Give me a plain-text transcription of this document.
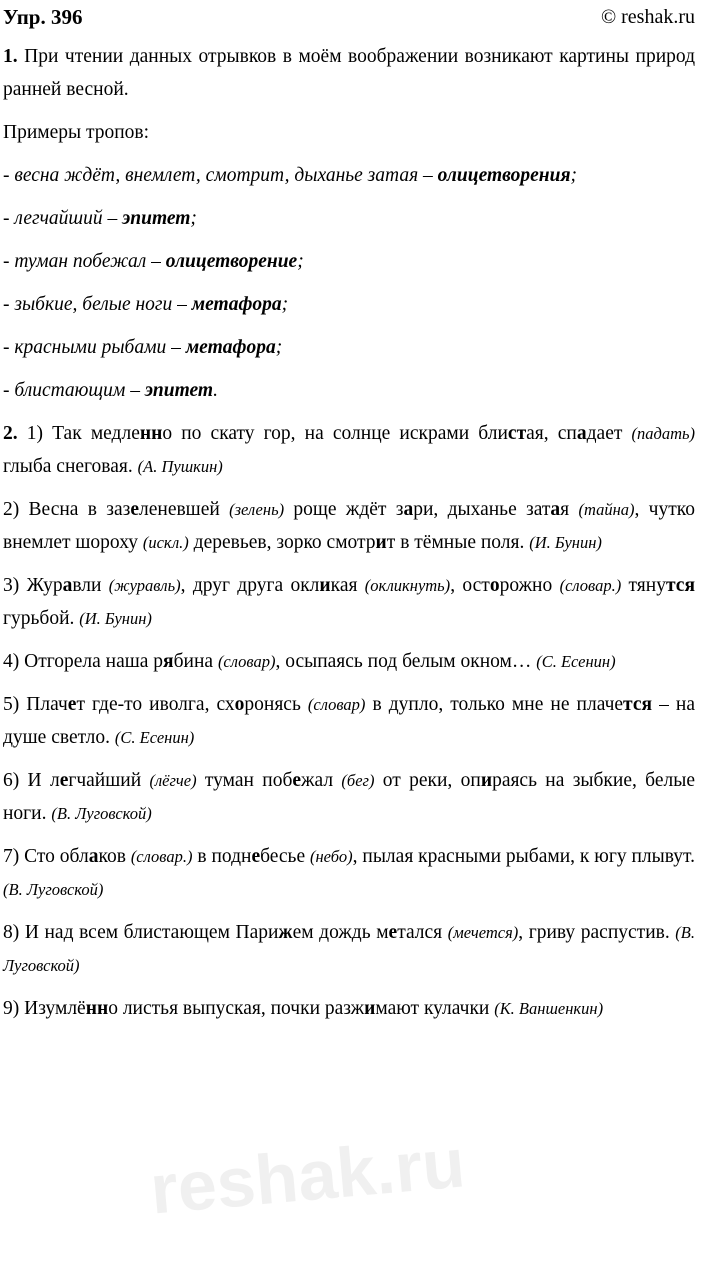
Упр. 396	© reshak.ru

1. При чтении данных отрывков в моём воображении возникают картины природ ранней весной.

Примеры тропов:

- весна ждёт, внемлет, смотрит, дыханье затая – олицетворения;

- легчайший – эпитет;

- туман побежал – олицетворение;

- зыбкие, белые ноги – метафора;

- красными рыбами – метафора;

- блистающим – эпитет.

2. 1) Так медленно по скату гор, на солнце искрами блистая, спадает (падать) глыба снеговая. (А. Пушкин)

2) Весна в зазеленевшей (зелень) роще ждёт зари, дыханье затая (тайна), чутко внемлет шороху (искл.) деревьев, зорко смотрит в тёмные поля. (И. Бунин)

3) Журавли (журавль), друг друга окликая (окликнуть), осторожно (словар.) тянутся гурьбой. (И. Бунин)

4) Отгорела наша рябина (словар), осыпаясь под белым окном… (С. Есенин)

5) Плачет где-то иволга, схоронясь (словар) в дупло, только мне не плачется – на душе светло. (С. Есенин)

6) И легчайший (лёгче) туман побежал (бег) от реки, опираясь на зыбкие, белые ноги. (В. Луговской)

7) Сто облаков (словар.) в поднебесье (небо), пылая красными рыбами, к югу плывут. (В. Луговской)

8) И над всем блистающем Парижем дождь метался (мечется), гриву распустив. (В. Луговской)

9) Изумлённо листья выпуская, почки разжимают кулачки (К. Ваншенкин)

reshak.ru
